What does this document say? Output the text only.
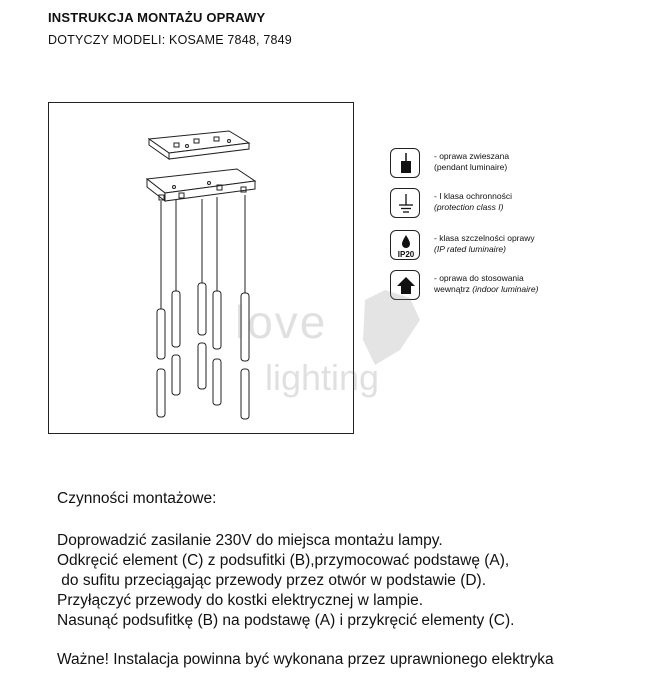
INSTRUKCJA MONTAŻU OPRAWY
DOTYCZY MODELI: KOSAME 7848, 7849
- oprawa zwieszana
(pendant luminaire)
- I klasa ochronności
(protection class I)
IP20
- klasa szczelności oprawy
(IP rated luminaire)
- oprawa do stosowania
wewnątrz (indoor luminaire)
love
lighting
Czynności montażowe:
Doprowadzić zasilanie 230V do miejsca montażu lampy.
Odkręcić element (C) z podsufitki (B),przymocować podstawę (A),
do sufitu przeciągając przewody przez otwór w podstawie (D).
Przyłączyć przewody do kostki elektrycznej w lampie.
Nasunąć podsufitkę (B) na podstawę (A) i przykręcić elementy (C).
Ważne! Instalacja powinna być wykonana przez uprawnionego elektryka
